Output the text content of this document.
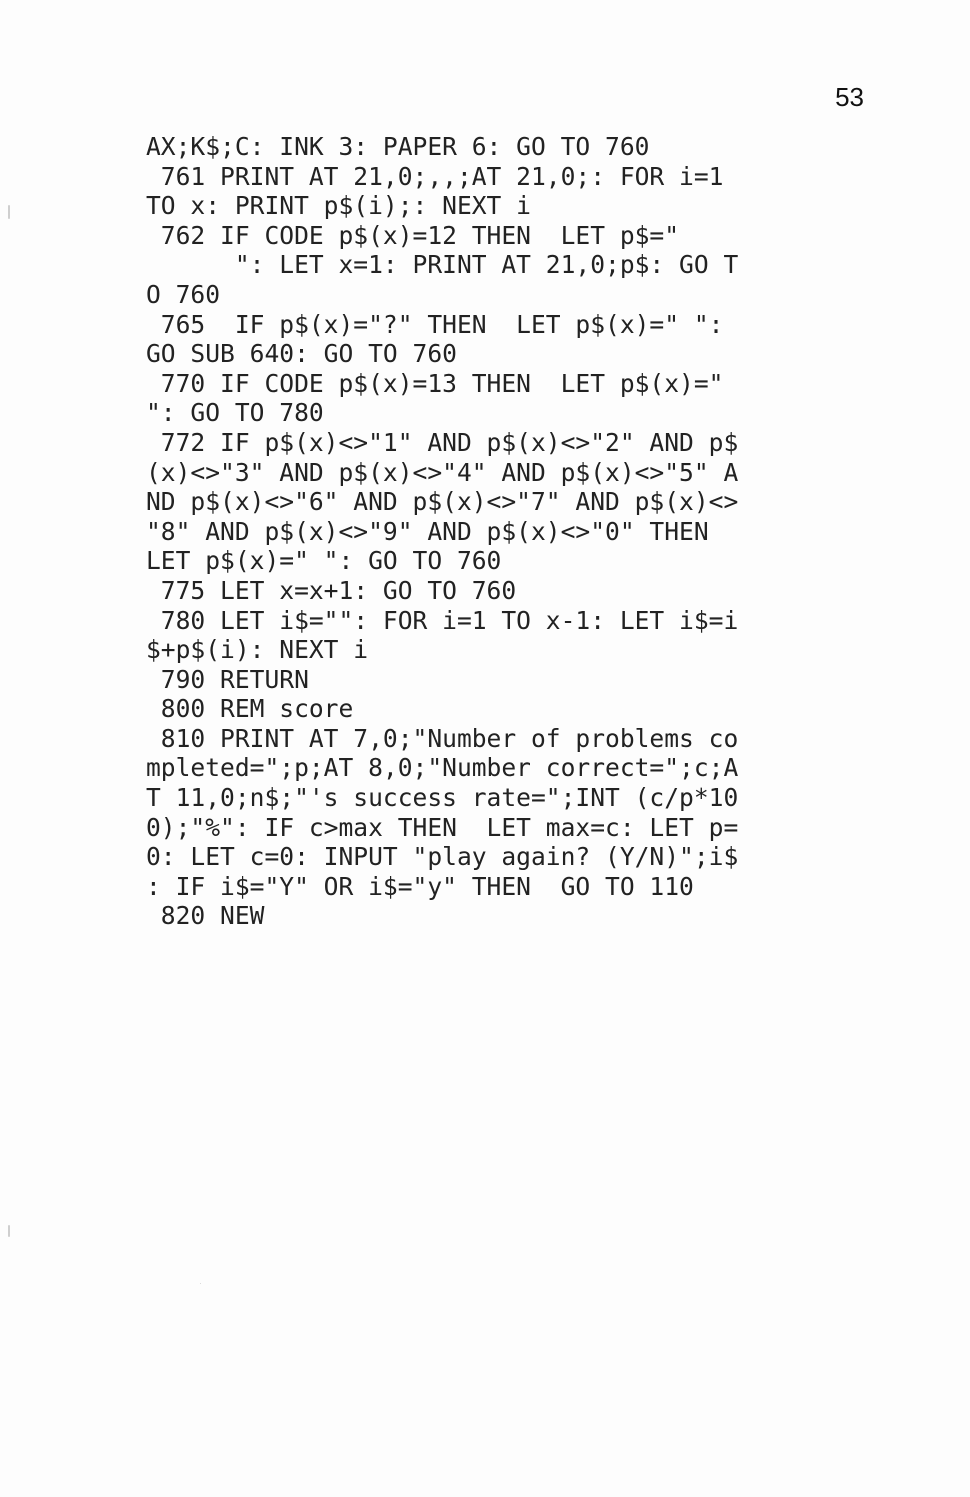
53
AX;K$;C: INK 3: PAPER 6: GO TO 760
761 PRINT AT 21,0;,,;AT 21,0;: FOR i=1
TO x: PRINT p$(i);: NEXT i
762 IF CODE p$(x)=12 THEN  LET p$="
": LET x=1: PRINT AT 21,0;p$: GO T
O 760
765  IF p$(x)="?" THEN  LET p$(x)=" ":
GO SUB 640: GO TO 760
770 IF CODE p$(x)=13 THEN  LET p$(x)="
": GO TO 780
772 IF p$(x)<>"1" AND p$(x)<>"2" AND p$
(x)<>"3" AND p$(x)<>"4" AND p$(x)<>"5" A
ND p$(x)<>"6" AND p$(x)<>"7" AND p$(x)<>
"8" AND p$(x)<>"9" AND p$(x)<>"0" THEN
LET p$(x)=" ": GO TO 760
775 LET x=x+1: GO TO 760
780 LET i$="": FOR i=1 TO x-1: LET i$=i
$+p$(i): NEXT i
790 RETURN
800 REM score
810 PRINT AT 7,0;"Number of problems co
mpleted=";p;AT 8,0;"Number correct=";c;A
T 11,0;n$;"'s success rate=";INT (c/p*10
0);"%": IF c>max THEN  LET max=c: LET p=
0: LET c=0: INPUT "play again? (Y/N)";i$
: IF i$="Y" OR i$="y" THEN  GO TO 110
820 NEW
